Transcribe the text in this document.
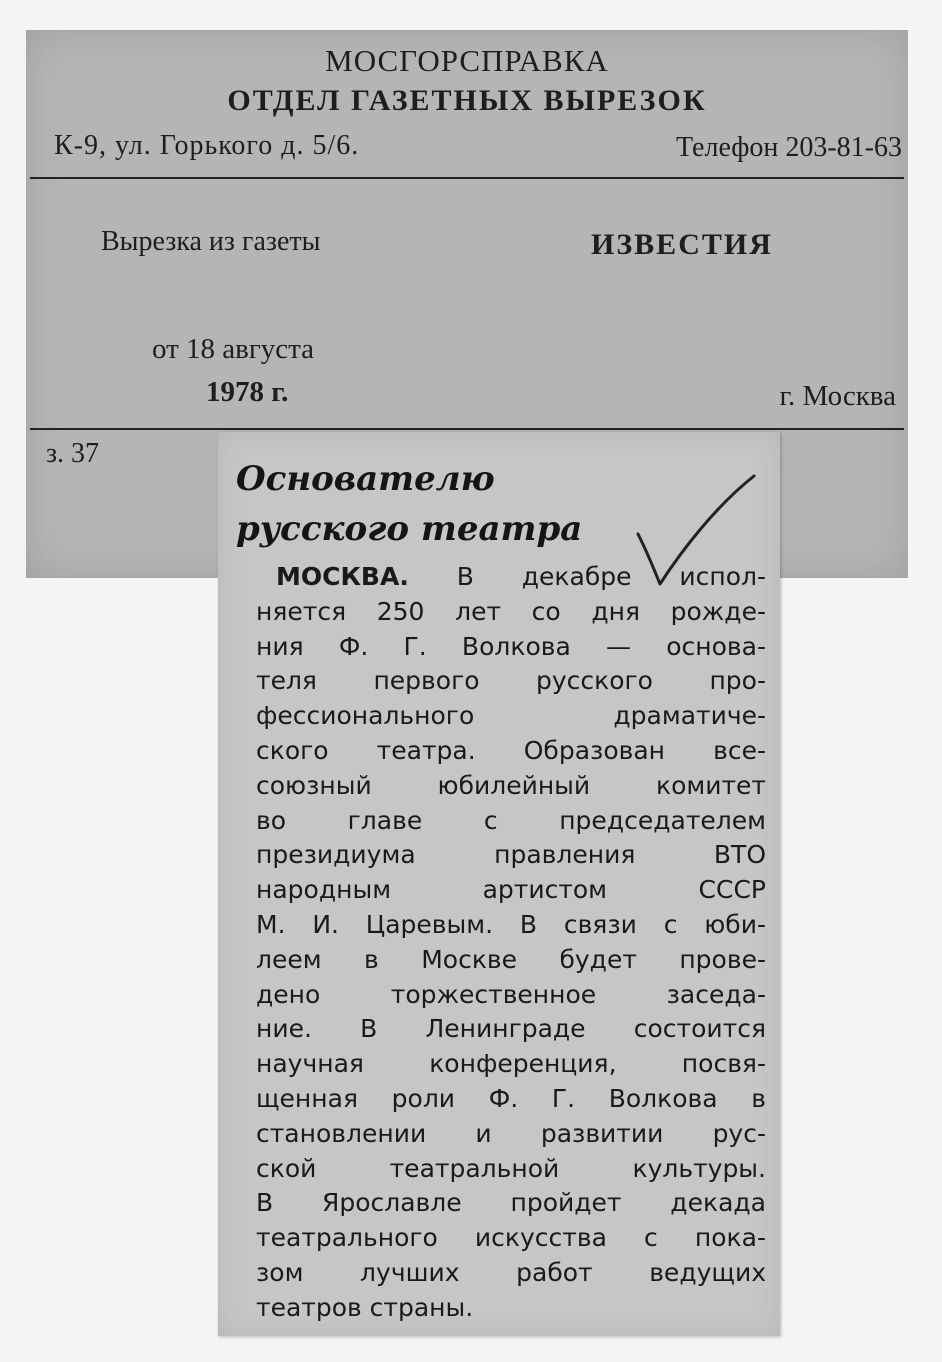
МОСГОРСПРАВКА
ОТДЕЛ ГАЗЕТНЫХ ВЫРЕЗОК
К-9, ул. Горького д. 5/6.	Телефон 203-81-63
Вырезка из газеты	ИЗВЕСТИЯ
от 18 августа
1978 г.	г. Москва
з. 37
Основателю
русского театра
МОСКВА. В декабре испол-
няется 250 лет со дня рожде-
ния Ф. Г. Волкова — основа-
теля первого русского про-
фессионального драматиче-
ского театра. Образован все-
союзный юбилейный комитет
во главе с председателем
президиума правления ВТО
народным артистом СССР
М. И. Царевым. В связи с юби-
леем в Москве будет прове-
дено торжественное заседа-
ние. В Ленинграде состоится
научная конференция, посвя-
щенная роли Ф. Г. Волкова в
становлении и развитии рус-
ской театральной культуры.
В Ярославле пройдет декада
театрального искусства с пока-
зом лучших работ ведущих
театров страны.
